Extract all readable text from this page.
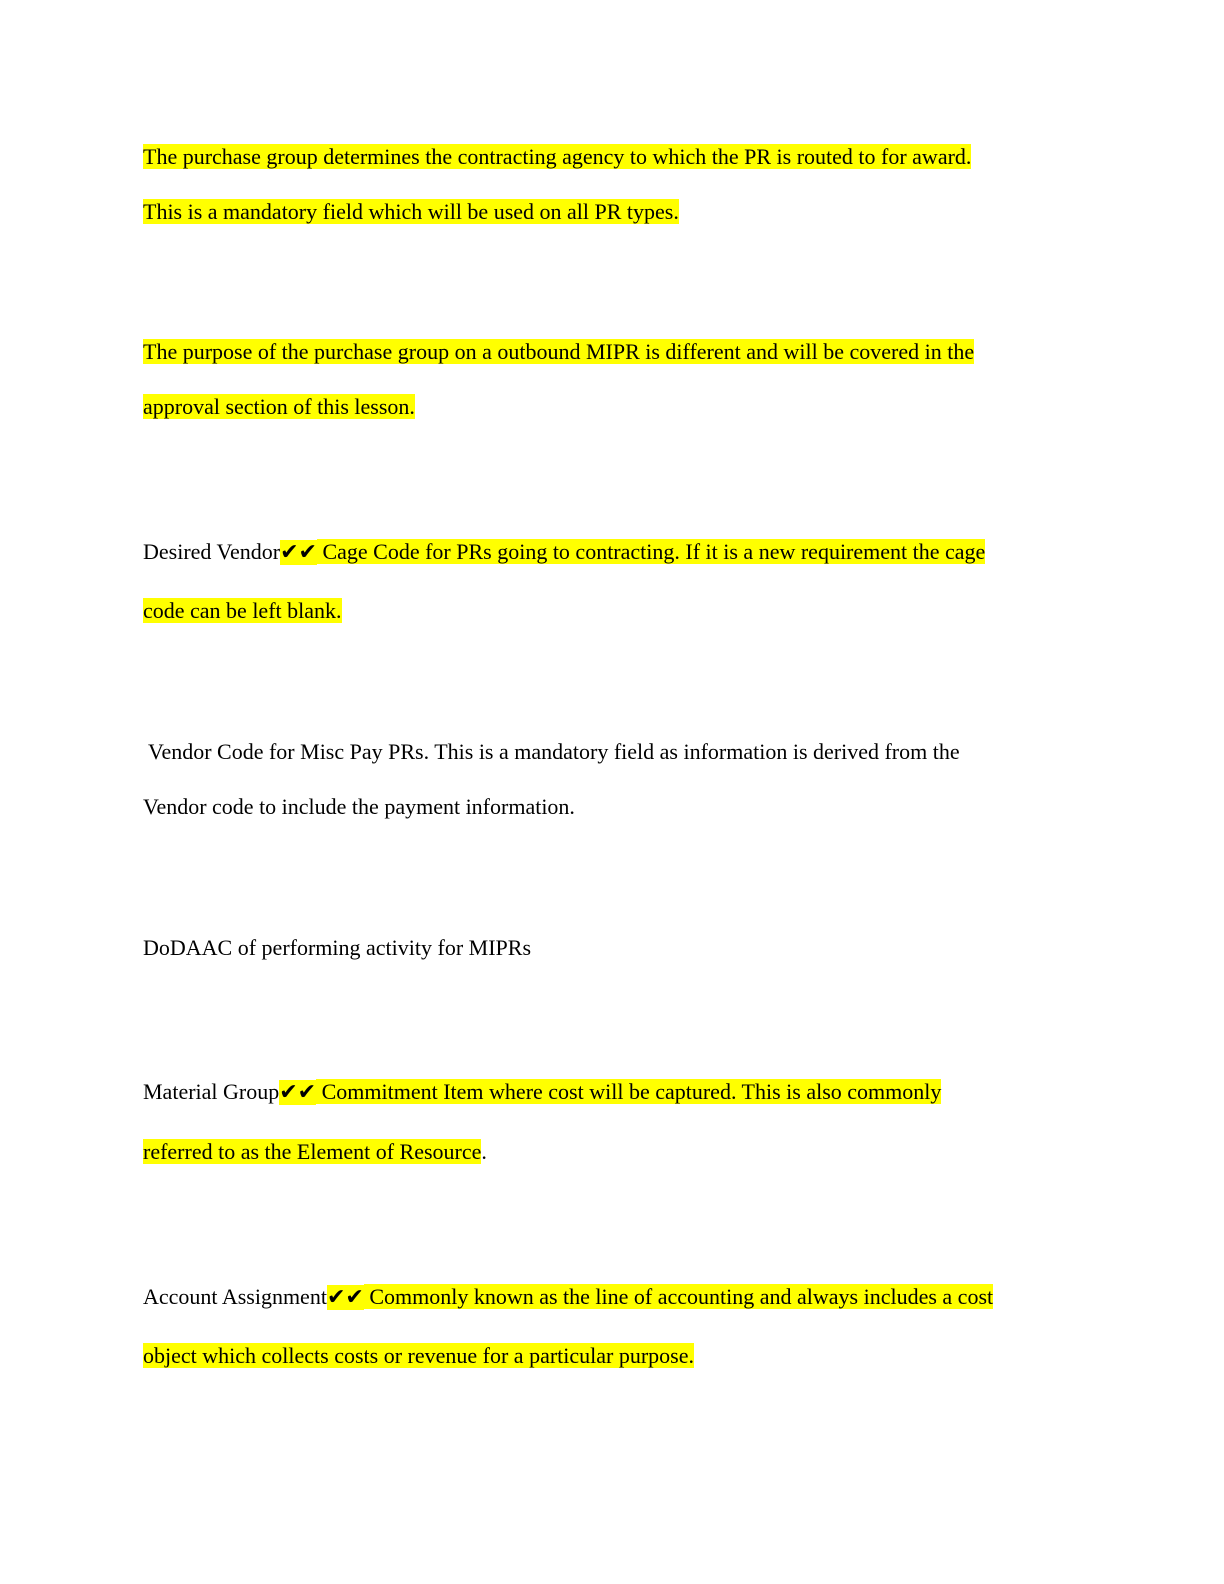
The purchase group determines the contracting agency to which the PR is routed to for award.
This is a mandatory field which will be used on all PR types.
The purpose of the purchase group on a outbound MIPR is different and will be covered in the
approval section of this lesson.
Desired Vendor✔✔ Cage Code for PRs going to contracting. If it is a new requirement the cage
code can be left blank.
Vendor Code for Misc Pay PRs. This is a mandatory field as information is derived from the
Vendor code to include the payment information.
DoDAAC of performing activity for MIPRs
Material Group✔✔ Commitment Item where cost will be captured. This is also commonly
referred to as the Element of Resource.
Account Assignment✔✔ Commonly known as the line of accounting and always includes a cost
object which collects costs or revenue for a particular purpose.
